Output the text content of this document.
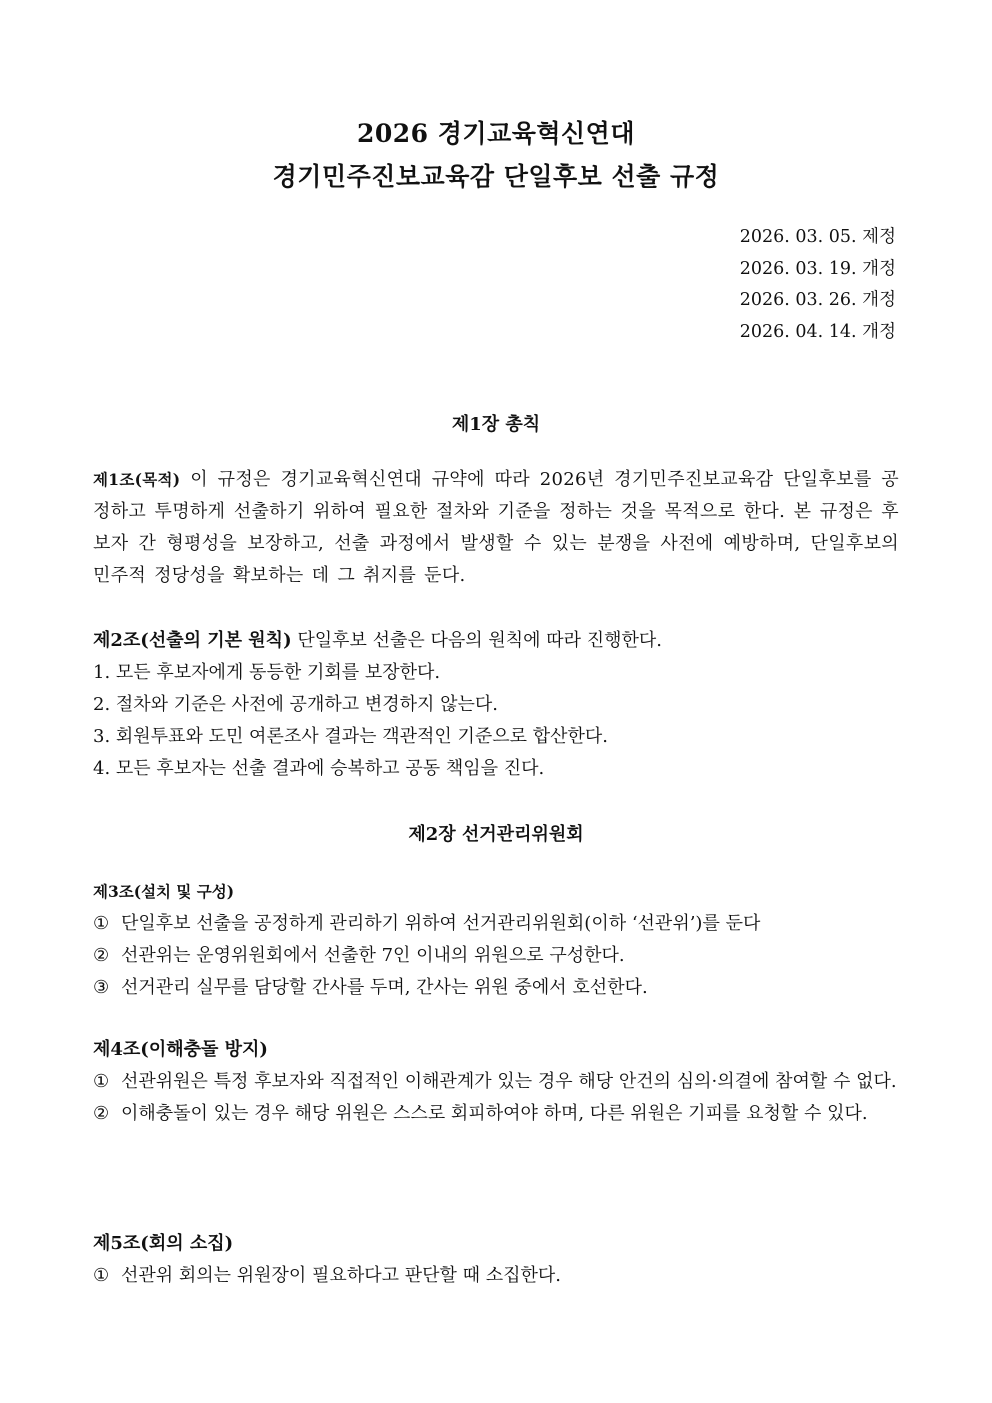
2026 경기교육혁신연대
경기민주진보교육감 단일후보 선출 규정
2026. 03. 05. 제정
2026. 03. 19. 개정
2026. 03. 26. 개정
2026. 04. 14. 개정
제1장 총칙
제1조(목적) 이 규정은 경기교육혁신연대 규약에 따라 2026년 경기민주진보교육감 단일후보를 공정하고 투명하게 선출하기 위하여 필요한 절차와 기준을 정하는 것을 목적으로 한다. 본 규정은 후보자 간 형평성을 보장하고, 선출 과정에서 발생할 수 있는 분쟁을 사전에 예방하며, 단일후보의 민주적 정당성을 확보하는 데 그 취지를 둔다.
제2조(선출의 기본 원칙) 단일후보 선출은 다음의 원칙에 따라 진행한다.
1. 모든 후보자에게 동등한 기회를 보장한다.
2. 절차와 기준은 사전에 공개하고 변경하지 않는다.
3. 회원투표와 도민 여론조사 결과는 객관적인 기준으로 합산한다.
4. 모든 후보자는 선출 결과에 승복하고 공동 책임을 진다.
제2장 선거관리위원회
제3조(설치 및 구성)
① 단일후보 선출을 공정하게 관리하기 위하여 선거관리위원회(이하 ‘선관위’)를 둔다
② 선관위는 운영위원회에서 선출한 7인 이내의 위원으로 구성한다.
③ 선거관리 실무를 담당할 간사를 두며, 간사는 위원 중에서 호선한다.
제4조(이해충돌 방지)
① 선관위원은 특정 후보자와 직접적인 이해관계가 있는 경우 해당 안건의 심의·의결에 참여할 수 없다.
② 이해충돌이 있는 경우 해당 위원은 스스로 회피하여야 하며, 다른 위원은 기피를 요청할 수 있다.
제5조(회의 소집)
① 선관위 회의는 위원장이 필요하다고 판단할 때 소집한다.
